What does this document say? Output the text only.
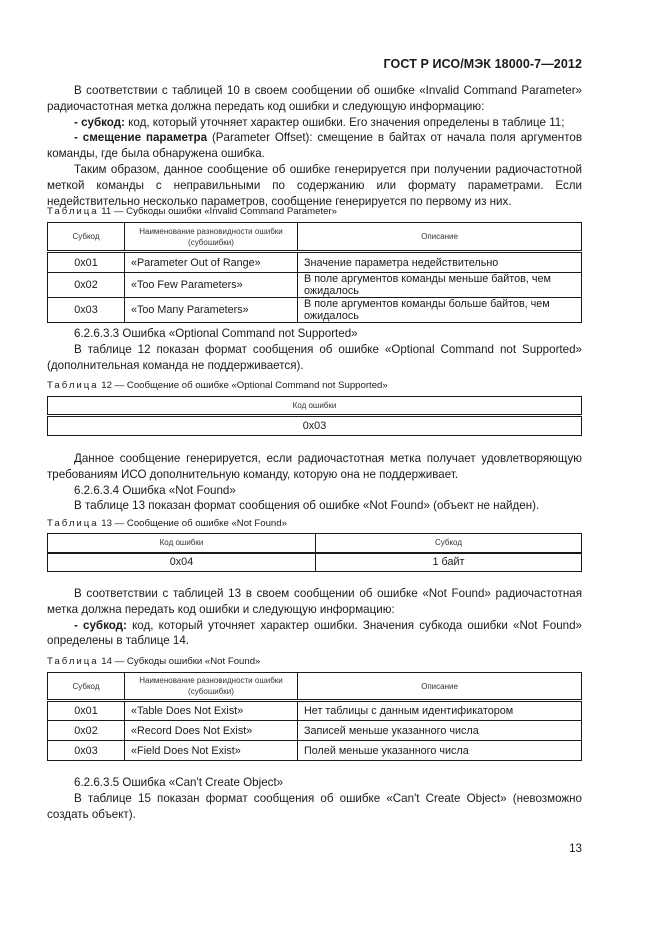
ГОСТ Р ИСО/МЭК 18000-7—2012

В соответствии с таблицей 10 в своем сообщении об ошибке «Invalid Command Parameter» радиочастотная метка должна передать код ошибки и следующую информацию:

- субкод: код, который уточняет характер ошибки. Его значения определены в таблице 11;

- смещение параметра (Parameter Offset): смещение в байтах от начала поля аргументов команды, где была обнаружена ошибка.

Таким образом, данное сообщение об ошибке генерируется при получении радиочастотной меткой команды с неправильными по содержанию или формату параметрами. Если недействительно несколько параметров, сообщение генерируется по первому из них.

Таблица 11 — Субкоды ошибки «Invalid Command Parameter»
Субкод	Наименование разновидности ошибки (субошибки)	Описание
0x01	«Parameter Out of Range»	Значение параметра недействительно
0x02	«Too Few Parameters»	В поле аргументов команды меньше байтов, чем ожидалось
0x03	«Too Many Parameters»	В поле аргументов команды больше байтов, чем ожидалось

6.2.6.3.3 Ошибка «Optional Command not Supported»

В таблице 12 показан формат сообщения об ошибке «Optional Command not Supported» (дополнительная команда не поддерживается).

Таблица 12 — Сообщение об ошибке «Optional Command not Supported»
Код ошибки
0x03

Данное сообщение генерируется, если радиочастотная метка получает удовлетворяющую требованиям ИСО дополнительную команду, которую она не поддерживает.

6.2.6.3.4 Ошибка «Not Found»

В таблице 13 показан формат сообщения об ошибке «Not Found» (объект не найден).

Таблица 13 — Сообщение об ошибке «Not Found»
Код ошибки	Субкод
0x04	1 байт

В соответствии с таблицей 13 в своем сообщении об ошибке «Not Found» радиочастотная метка должна передать код ошибки и следующую информацию:

- субкод: код, который уточняет характер ошибки. Значения субкода ошибки «Not Found» определены в таблице 14.

Таблица 14 — Субкоды ошибки «Not Found»
Субкод	Наименование разновидности ошибки (субошибки)	Описание
0x01	«Table Does Not Exist»	Нет таблицы с данным идентификатором
0x02	«Record Does Not Exist»	Записей меньше указанного числа
0x03	«Field Does Not Exist»	Полей меньше указанного числа

6.2.6.3.5 Ошибка «Can't Create Object»

В таблице 15 показан формат сообщения об ошибке «Can't Create Object» (невозможно создать объект).

13
